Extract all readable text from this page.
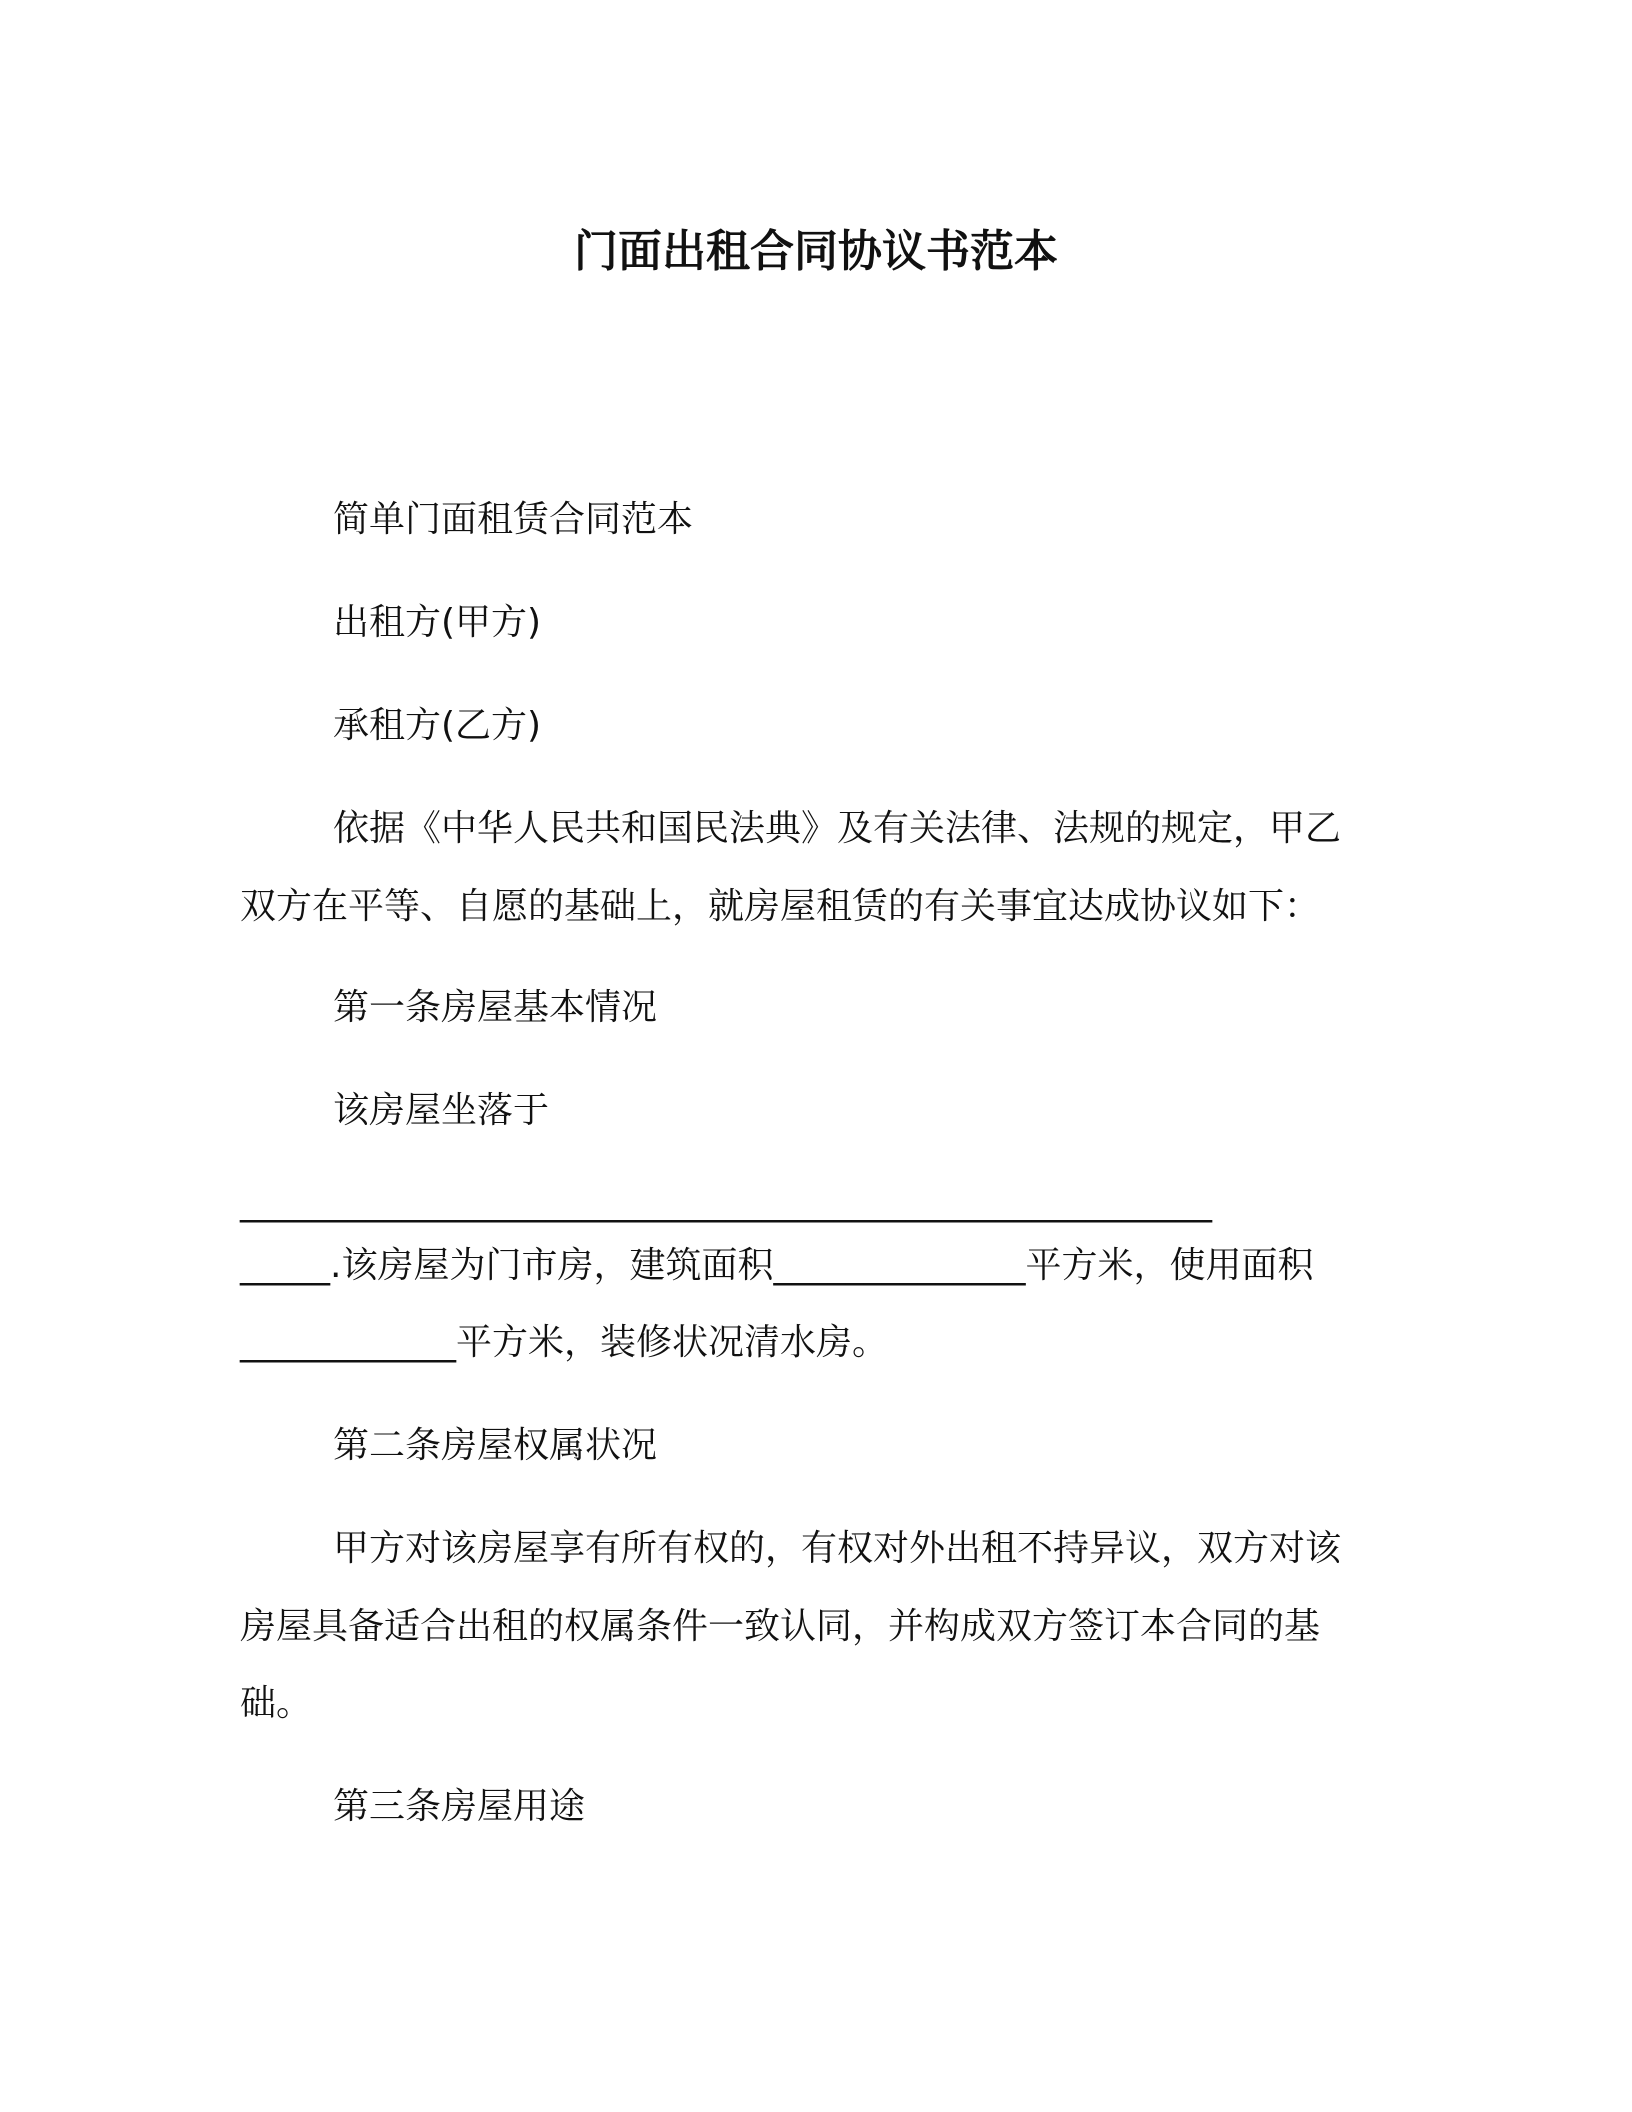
门面出租合同协议书范本
简单门面租赁合同范本
出租方(甲方)
承租方(乙方)
依据《中华人民共和国民法典》及有关法律、法规的规定，甲乙
双方在平等、自愿的基础上，就房屋租赁的有关事宜达成协议如下：
第一条房屋基本情况
该房屋坐落于
______________________________________________________
_____.该房屋为门市房，建筑面积______________平方米，使用面积
____________平方米，装修状况清水房。
第二条房屋权属状况
甲方对该房屋享有所有权的，有权对外出租不持异议，双方对该
房屋具备适合出租的权属条件一致认同，并构成双方签订本合同的基
础。
第三条房屋用途
